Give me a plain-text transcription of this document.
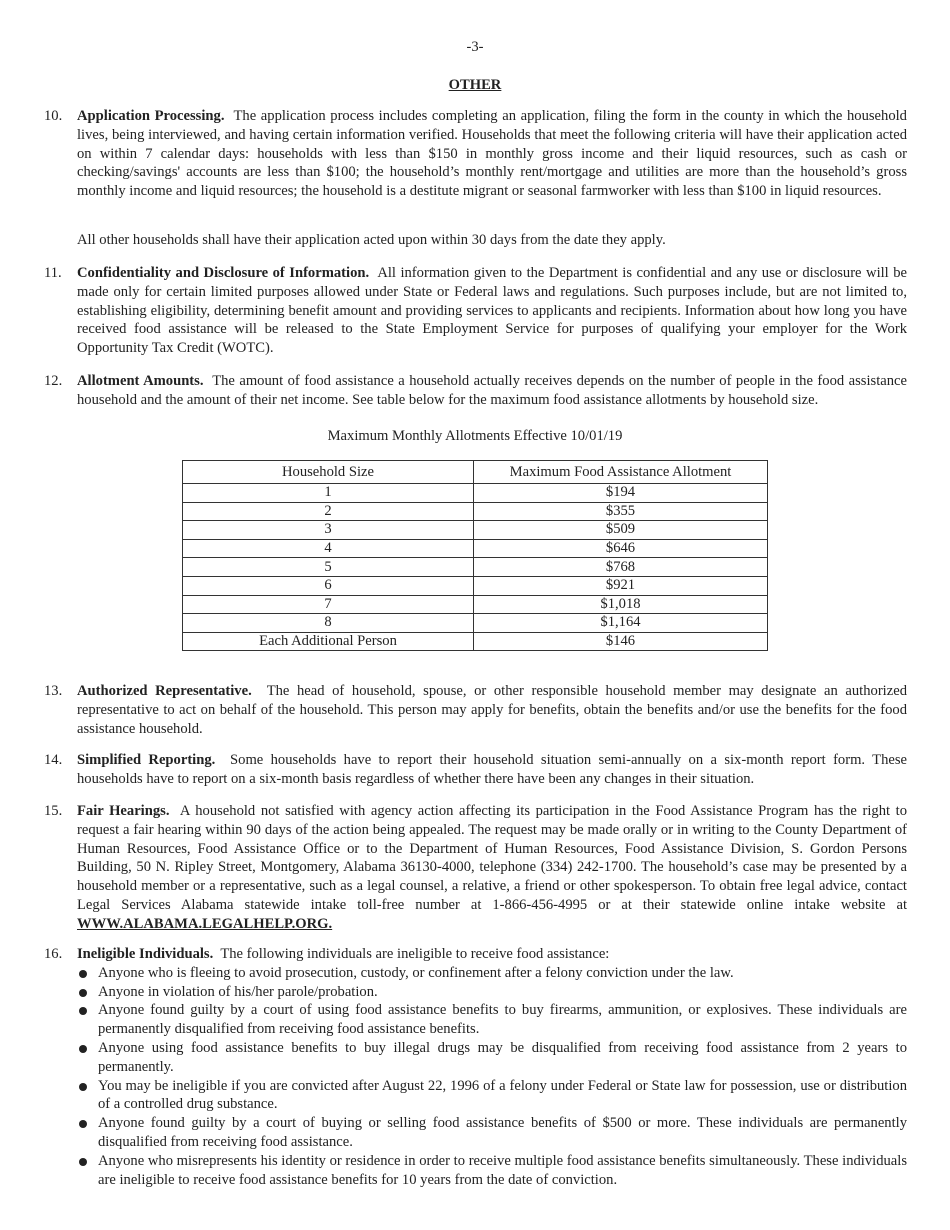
-3-
OTHER
10. Application Processing. The application process includes completing an application, filing the form in the county in which the household lives, being interviewed, and having certain information verified. Households that meet the following criteria will have their application acted on within 7 calendar days: households with less than $150 in monthly gross income and their liquid resources, such as cash or checking/savings' accounts are less than $100; the household’s monthly rent/mortgage and utilities are more than the household’s gross monthly income and liquid resources; the household is a destitute migrant or seasonal farmworker with less than $100 in liquid resources.
All other households shall have their application acted upon within 30 days from the date they apply.
11. Confidentiality and Disclosure of Information. All information given to the Department is confidential and any use or disclosure will be made only for certain limited purposes allowed under State or Federal laws and regulations. Such purposes include, but are not limited to, establishing eligibility, determining benefit amount and providing services to applicants and recipients. Information about how long you have received food assistance will be released to the State Employment Service for purposes of qualifying your employer for the Work Opportunity Tax Credit (WOTC).
12. Allotment Amounts. The amount of food assistance a household actually receives depends on the number of people in the food assistance household and the amount of their net income. See table below for the maximum food assistance allotments by household size.
Maximum Monthly Allotments Effective 10/01/19
Household Size	Maximum Food Assistance Allotment
1	$194
2	$355
3	$509
4	$646
5	$768
6	$921
7	$1,018
8	$1,164
Each Additional Person	$146
13. Authorized Representative. The head of household, spouse, or other responsible household member may designate an authorized representative to act on behalf of the household. This person may apply for benefits, obtain the benefits and/or use the benefits for the food assistance household.
14. Simplified Reporting. Some households have to report their household situation semi-annually on a six-month report form. These households have to report on a six-month basis regardless of whether there have been any changes in their situation.
15. Fair Hearings. A household not satisfied with agency action affecting its participation in the Food Assistance Program has the right to request a fair hearing within 90 days of the action being appealed. The request may be made orally or in writing to the County Department of Human Resources, Food Assistance Office or to the Department of Human Resources, Food Assistance Division, S. Gordon Persons Building, 50 N. Ripley Street, Montgomery, Alabama 36130-4000, telephone (334) 242-1700. The household’s case may be presented by a household member or a representative, such as a legal counsel, a relative, a friend or other spokesperson. To obtain free legal advice, contact Legal Services Alabama statewide intake toll-free number at 1-866-456-4995 or at their statewide online intake website at WWW.ALABAMA.LEGALHELP.ORG.
16. Ineligible Individuals. The following individuals are ineligible to receive food assistance:
Anyone who is fleeing to avoid prosecution, custody, or confinement after a felony conviction under the law.
Anyone in violation of his/her parole/probation.
Anyone found guilty by a court of using food assistance benefits to buy firearms, ammunition, or explosives. These individuals are permanently disqualified from receiving food assistance benefits.
Anyone using food assistance benefits to buy illegal drugs may be disqualified from receiving food assistance from 2 years to permanently.
You may be ineligible if you are convicted after August 22, 1996 of a felony under Federal or State law for possession, use or distribution of a controlled drug substance.
Anyone found guilty by a court of buying or selling food assistance benefits of $500 or more. These individuals are permanently disqualified from receiving food assistance.
Anyone who misrepresents his identity or residence in order to receive multiple food assistance benefits simultaneously. These individuals are ineligible to receive food assistance benefits for 10 years from the date of conviction.
